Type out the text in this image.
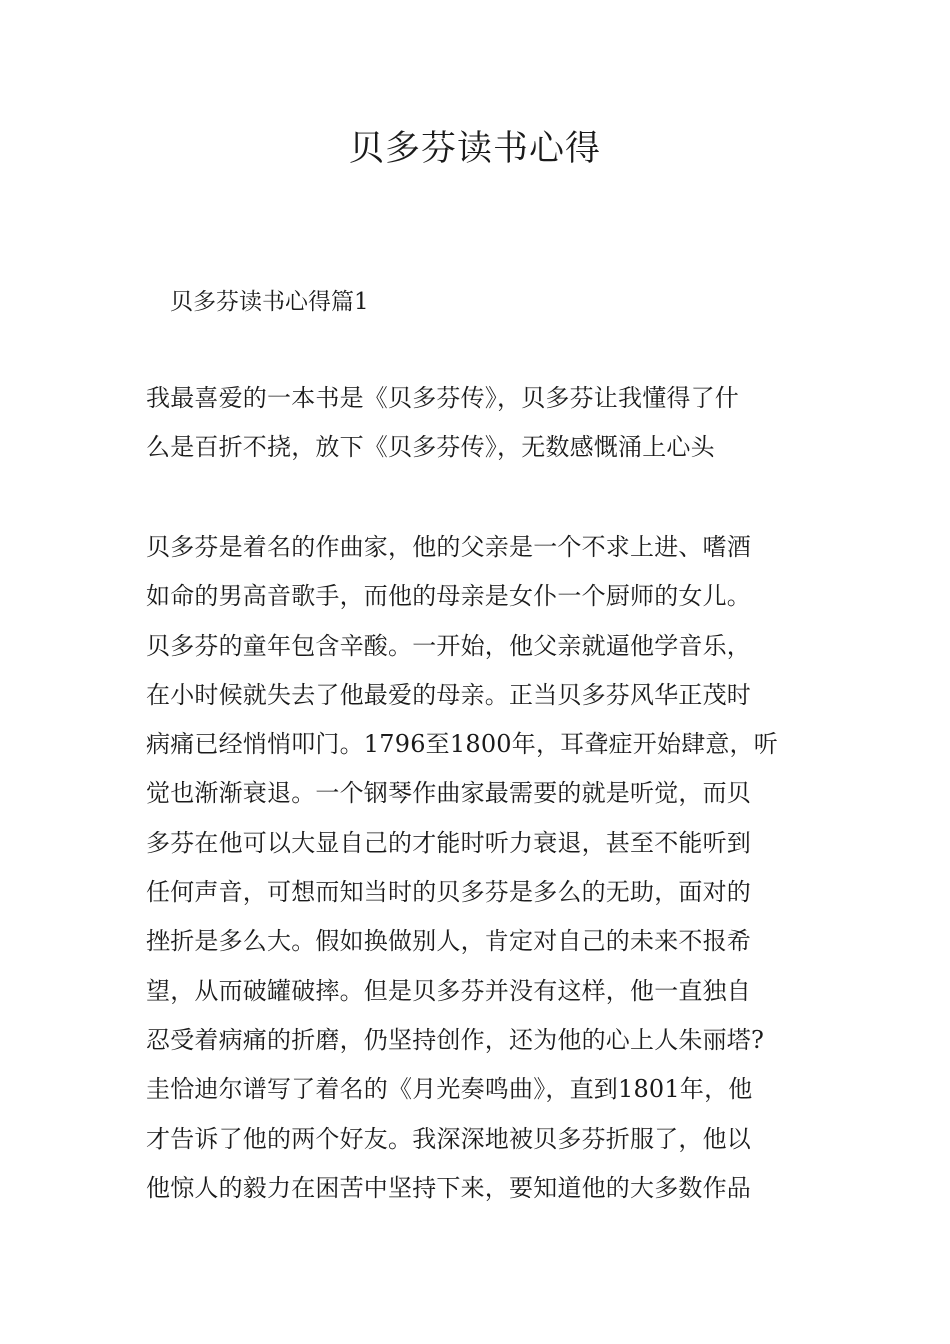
贝多芬读书心得
贝多芬读书心得篇1
我最喜爱的一本书是《贝多芬传》，贝多芬让我懂得了什
么是百折不挠，放下《贝多芬传》，无数感慨涌上心头
贝多芬是着名的作曲家，他的父亲是一个不求上进、嗜酒
如命的男高音歌手，而他的母亲是女仆一个厨师的女儿。
贝多芬的童年包含辛酸。一开始，他父亲就逼他学音乐，
在小时候就失去了他最爱的母亲。正当贝多芬风华正茂时
病痛已经悄悄叩门。1796至1800年，耳聋症开始肆意，听
觉也渐渐衰退。一个钢琴作曲家最需要的就是听觉，而贝
多芬在他可以大显自己的才能时听力衰退，甚至不能听到
任何声音，可想而知当时的贝多芬是多么的无助，面对的
挫折是多么大。假如换做别人，肯定对自己的未来不报希
望，从而破罐破摔。但是贝多芬并没有这样，他一直独自
忍受着病痛的折磨，仍坚持创作，还为他的心上人朱丽塔?
圭恰迪尔谱写了着名的《月光奏鸣曲》，直到1801年，他
才告诉了他的两个好友。我深深地被贝多芬折服了，他以
他惊人的毅力在困苦中坚持下来，要知道他的大多数作品
